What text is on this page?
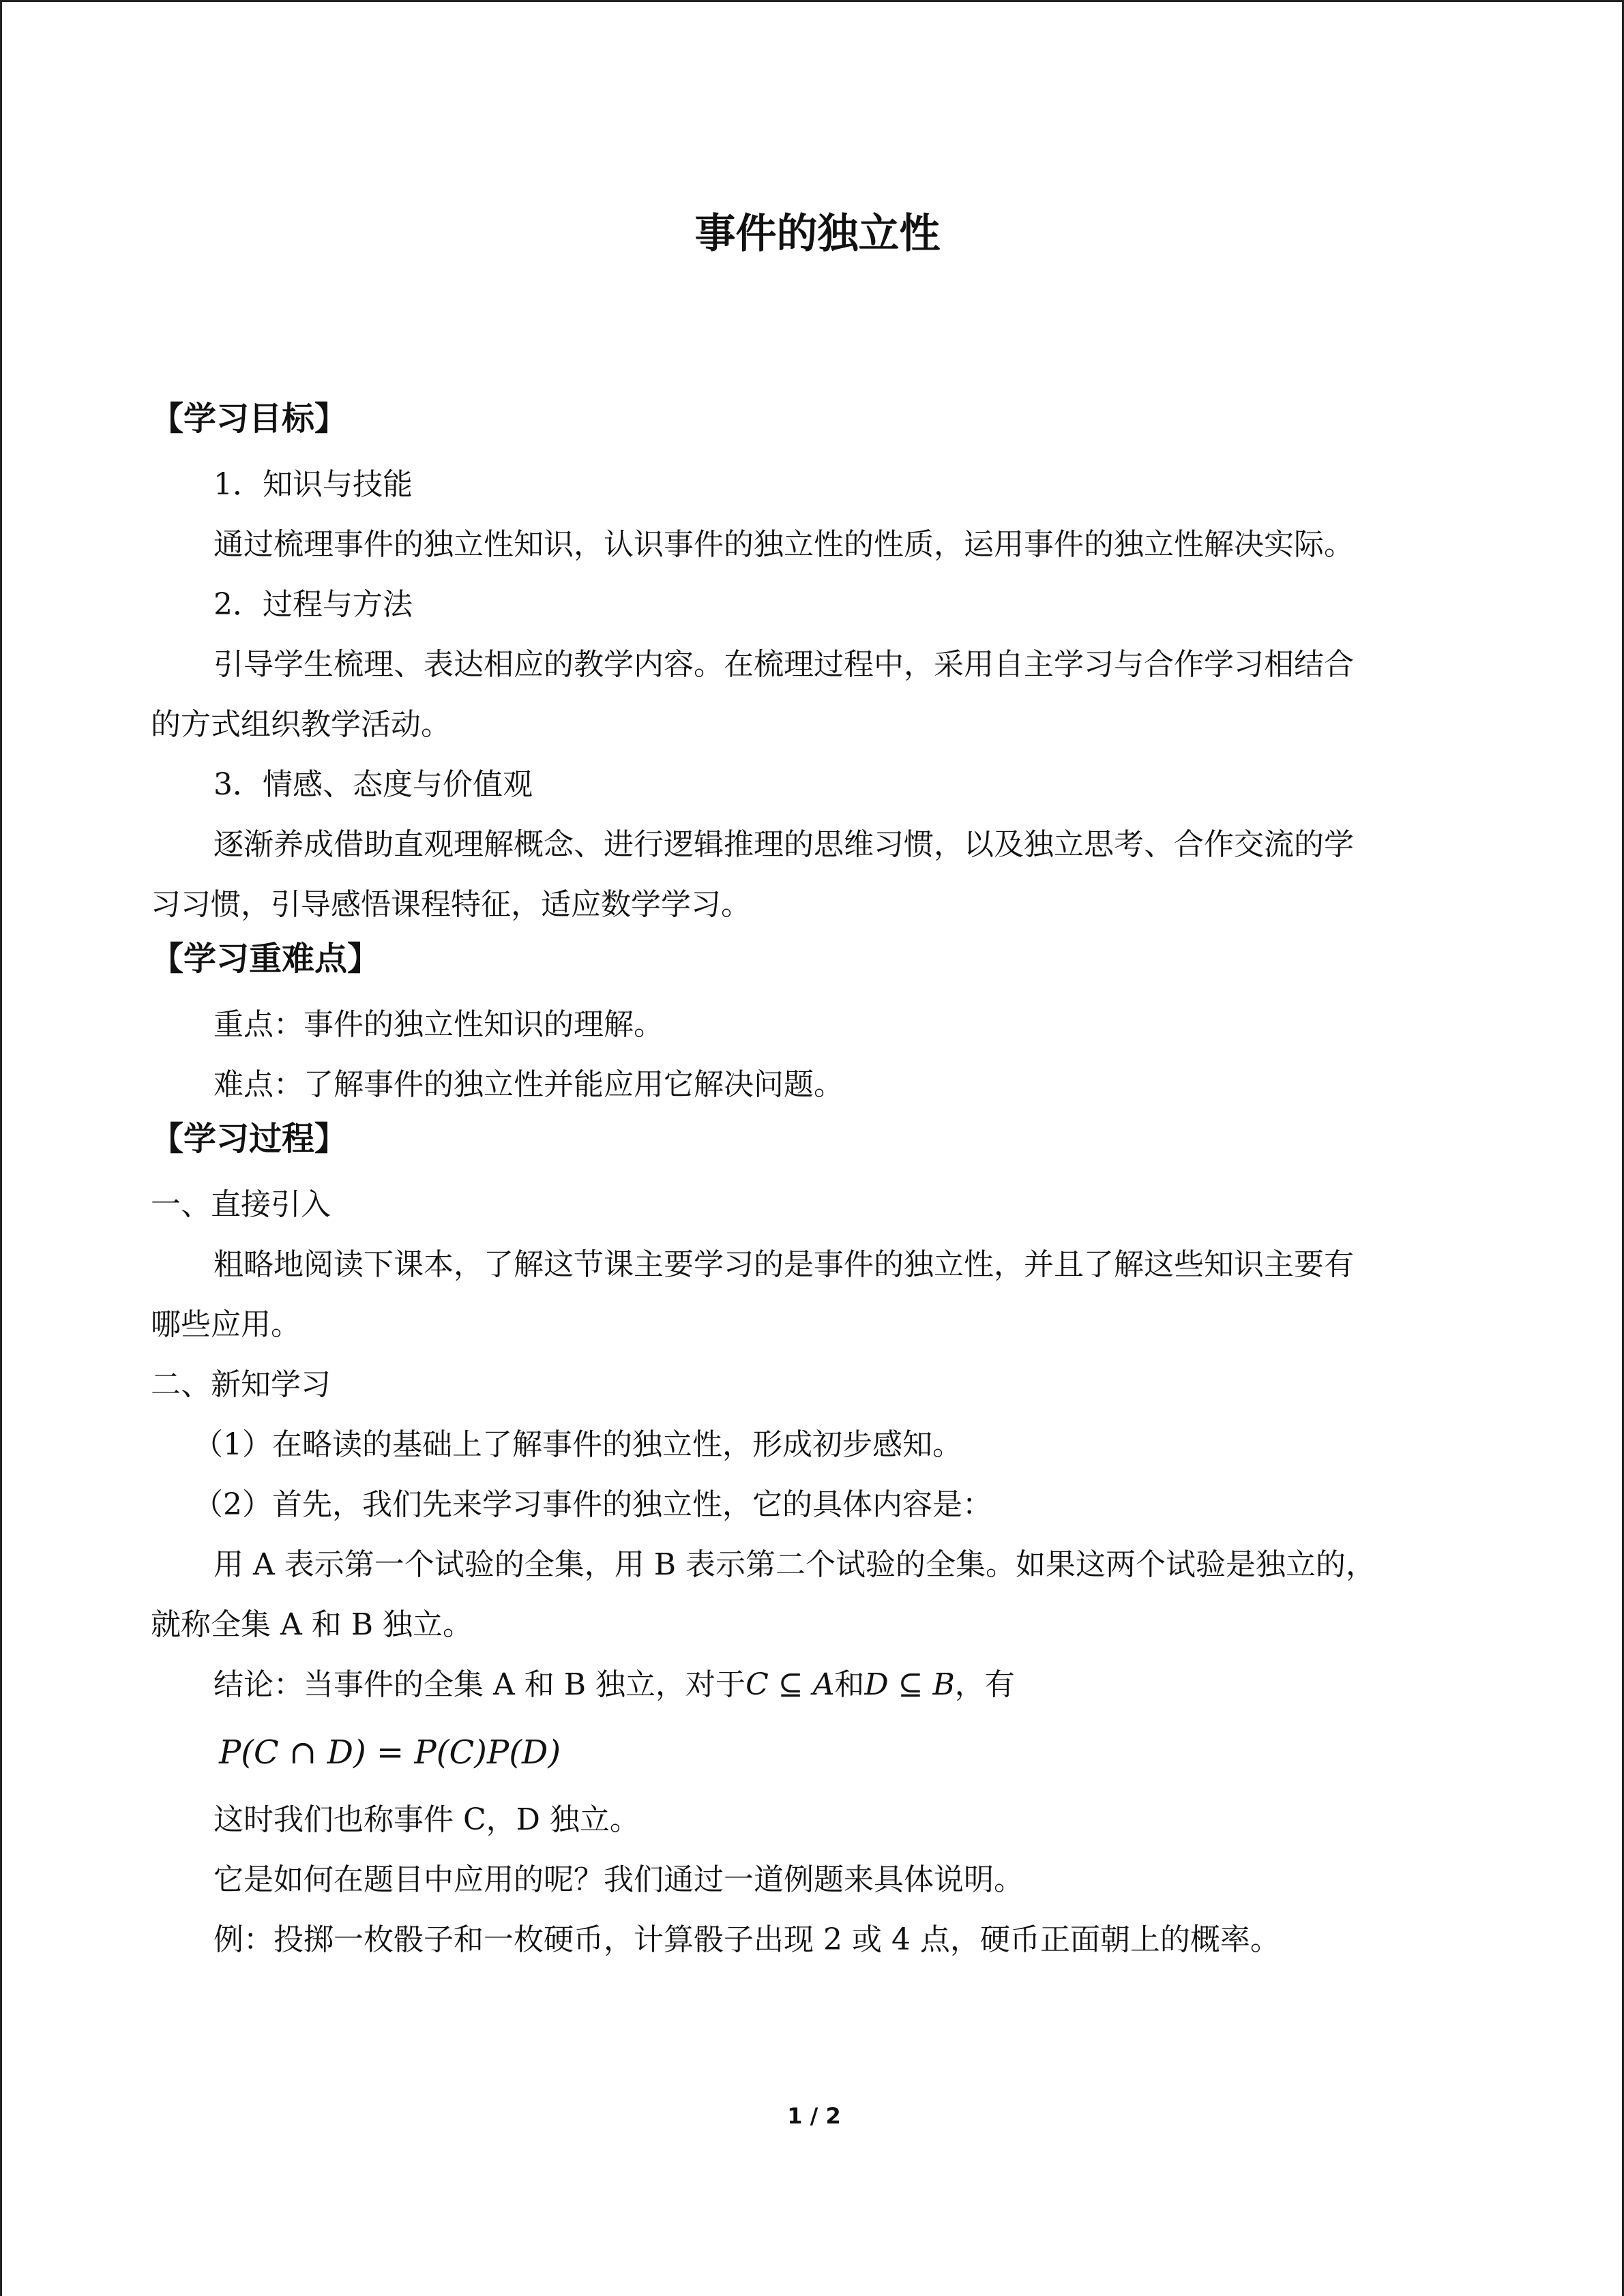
事件的独立性
【学习目标】

1．知识与技能

通过梳理事件的独立性知识，认识事件的独立性的性质，运用事件的独立性解决实际。

2．过程与方法

引导学生梳理、表达相应的教学内容。在梳理过程中，采用自主学习与合作学习相结合

的方式组织教学活动。

3．情感、态度与价值观

逐渐养成借助直观理解概念、进行逻辑推理的思维习惯，以及独立思考、合作交流的学

习习惯，引导感悟课程特征，适应数学学习。

【学习重难点】

重点：事件的独立性知识的理解。

难点：了解事件的独立性并能应用它解决问题。

【学习过程】

一、直接引入

粗略地阅读下课本，了解这节课主要学习的是事件的独立性，并且了解这些知识主要有

哪些应用。

二、新知学习

（1）在略读的基础上了解事件的独立性，形成初步感知。

（2）首先，我们先来学习事件的独立性，它的具体内容是：

用 A 表示第一个试验的全集，用 B 表示第二个试验的全集。如果这两个试验是独立的，

就称全集 A 和 B 独立。

结论：当事件的全集 A 和 B 独立，对于C ⊆ A和D ⊆ B，有

P(C ∩ D) = P(C)P(D)

这时我们也称事件 C，D 独立。

它是如何在题目中应用的呢？我们通过一道例题来具体说明。

例：投掷一枚骰子和一枚硬币，计算骰子出现 2 或 4 点，硬币正面朝上的概率。

1 / 2
